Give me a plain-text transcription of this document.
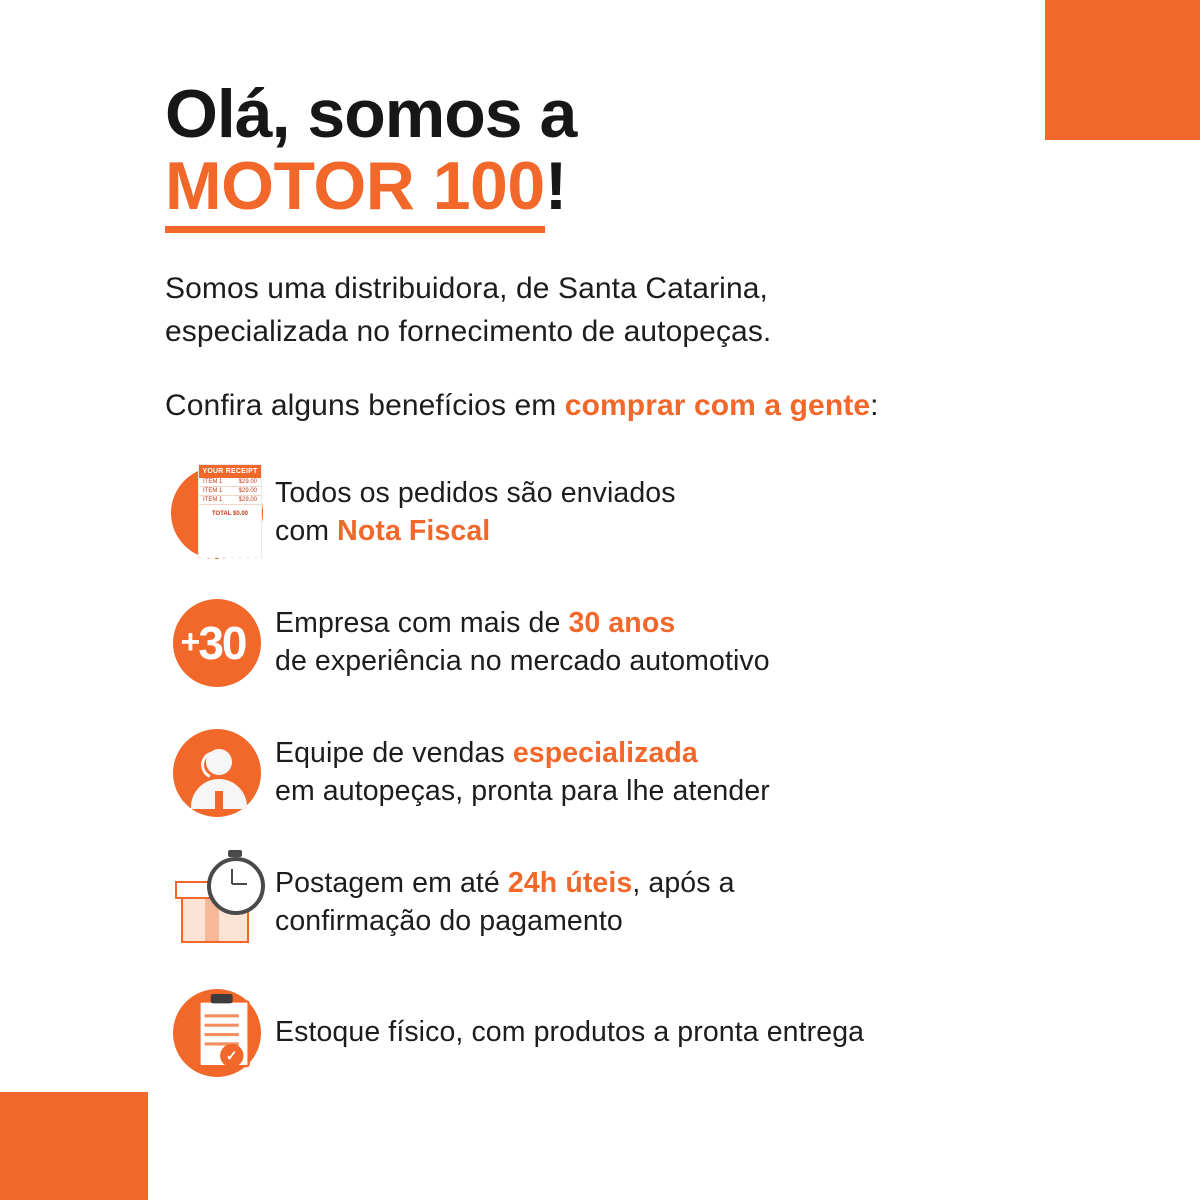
Olá, somos a
MOTOR 100!
Somos uma distribuidora, de Santa Catarina,
especializada no fornecimento de autopeças.
Confira alguns benefícios em comprar com a gente:
YOUR RECEIPT
ITEM 1	$29.00
ITEM 1	$29.00
ITEM 1	$29.00
TOTAL $0.00
Todos os pedidos são enviados
com Nota Fiscal
+30 Empresa com mais de 30 anos
de experiência no mercado automotivo
Equipe de vendas especializada
em autopeças, pronta para lhe atender
Postagem em até 24h úteis, após a
confirmação do pagamento
✓
Estoque físico, com produtos a pronta entrega
